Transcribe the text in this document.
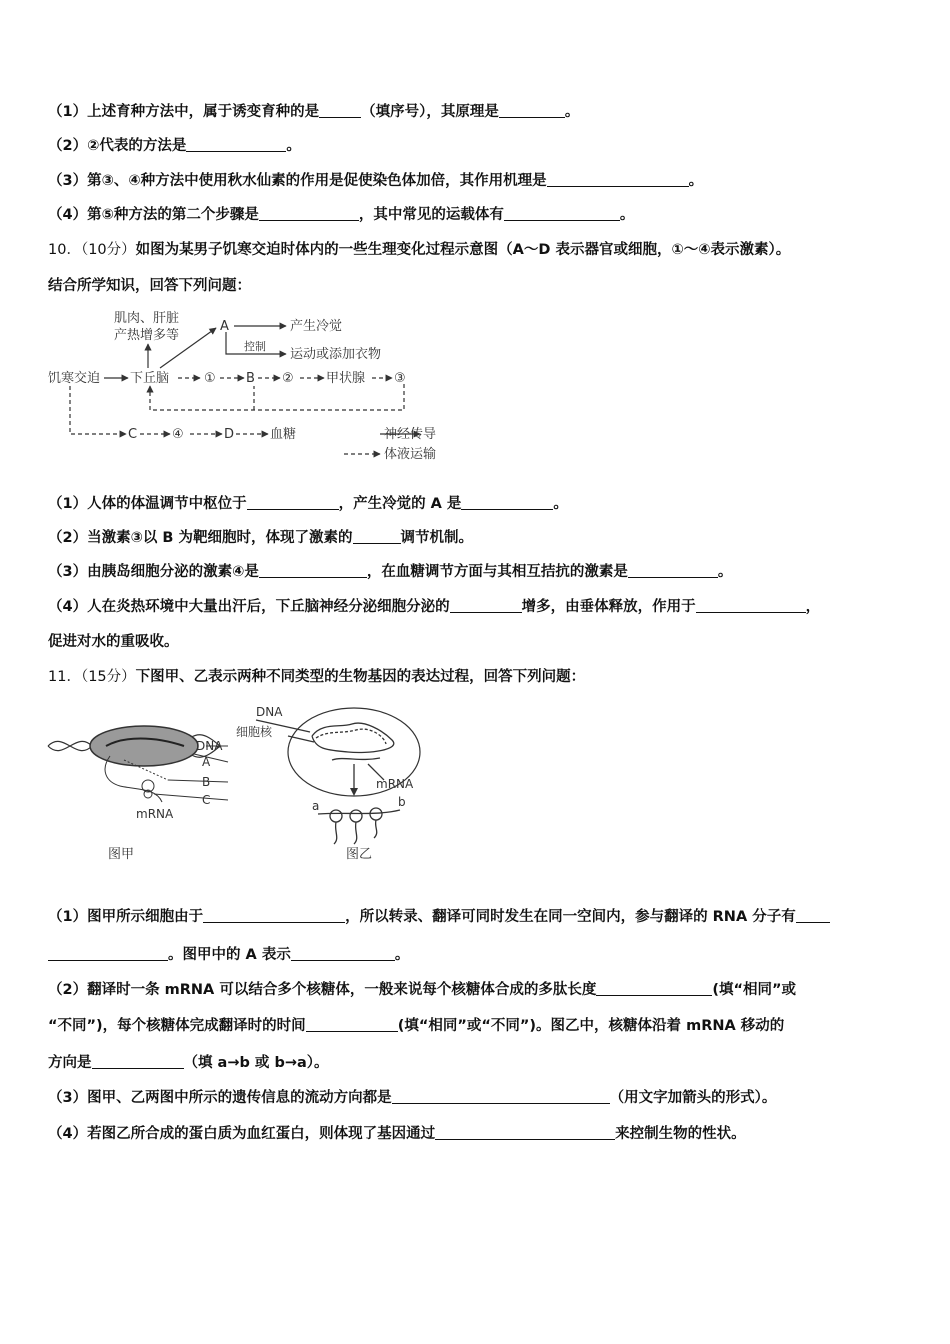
（1）上述育种方法中，属于诱变育种的是	（填序号），其原理是	。
（2）②代表的方法是	。
（3）第③、④种方法中使用秋水仙素的作用是促使染色体加倍，其作用机理是	。
（4）第⑤种方法的第二个步骤是	，其中常见的运载体有	。
10．（10分）如图为某男子饥寒交迫时体内的一些生理变化过程示意图（A～D 表示器官或细胞，①～④表示激素）。
结合所学知识，回答下列问题：
肌肉、肝脏
产热增多等
A	产生冷觉
控制
运动或添加衣物
饥寒交迫 下丘脑	① B ② 甲状腺 ③
C	④	D	血糖	神经传导
体液运输
（1）人体的体温调节中枢位于	，产生冷觉的 A 是	。
（2）当激素③以 B 为靶细胞时，体现了激素的	调节机制。
（3）由胰岛细胞分泌的激素④是	，在血糖调节方面与其相互拮抗的激素是	。
（4）人在炎热环境中大量出汗后，下丘脑神经分泌细胞分泌的	增多，由垂体释放，作用于	，
促进对水的重吸收。
11．（15分）下图甲、乙表示两种不同类型的生物基因的表达过程，回答下列问题：
DNA
A
B
C
mRNA
图甲
DNA
细胞核
mRNA
a	b
图乙
（1）图甲所示细胞由于	，所以转录、翻译可同时发生在同一空间内，参与翻译的 RNA 分子有
。图甲中的 A 表示	。
（2）翻译时一条 mRNA 可以结合多个核糖体，一般来说每个核糖体合成的多肽长度	(填“相同”或
“不同”)，每个核糖体完成翻译时的时间	(填“相同”或“不同”)。图乙中，核糖体沿着 mRNA 移动的
方向是	（填 a→b 或 b→a）。
（3）图甲、乙两图中所示的遗传信息的流动方向都是	（用文字加箭头的形式）。
（4）若图乙所合成的蛋白质为血红蛋白，则体现了基因通过	来控制生物的性状。
